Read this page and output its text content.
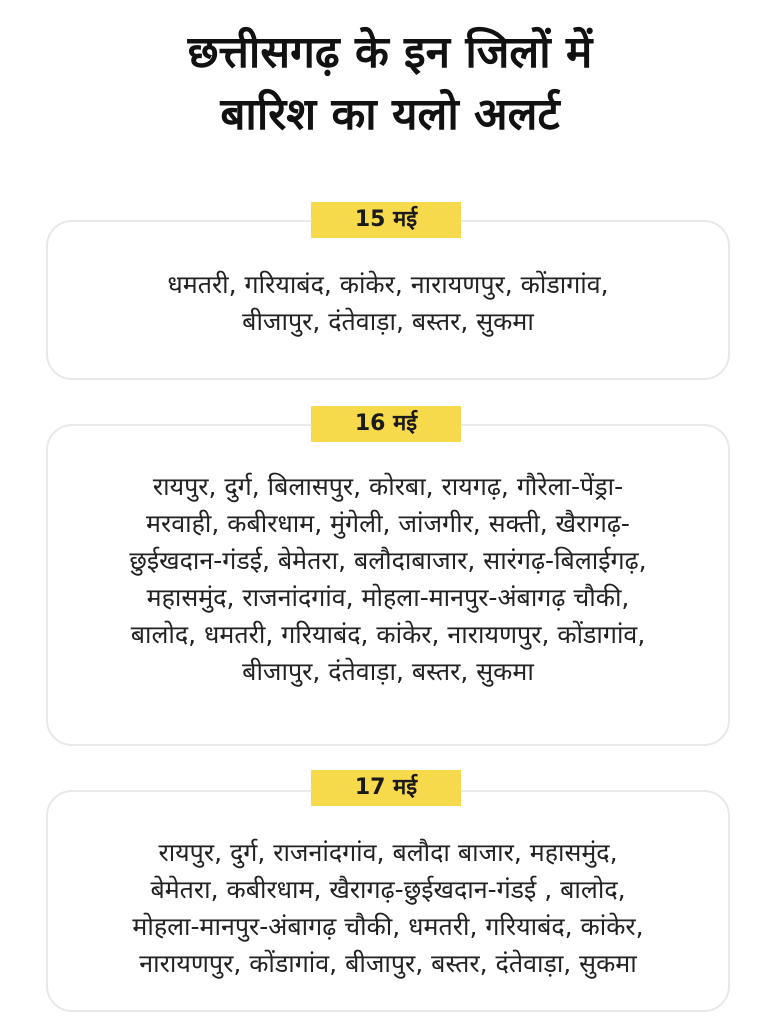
छत्तीसगढ़ के इन जिलों में
बारिश का यलो अलर्ट
धमतरी, गरियाबंद, कांकेर, नारायणपुर, कोंडागांव,
बीजापुर, दंतेवाड़ा, बस्तर, सुकमा
15 मई
रायपुर, दुर्ग, बिलासपुर, कोरबा, रायगढ़, गौरेला-पेंड्रा-
मरवाही, कबीरधाम, मुंगेली, जांजगीर, सक्ती, खैरागढ़-
छुईखदान-गंडई, बेमेतरा, बलौदाबाजार, सारंगढ़-बिलाईगढ़,
महासमुंद, राजनांदगांव, मोहला-मानपुर-अंबागढ़ चौकी,
बालोद, धमतरी, गरियाबंद, कांकेर, नारायणपुर, कोंडागांव,
बीजापुर, दंतेवाड़ा, बस्तर, सुकमा
16 मई
रायपुर, दुर्ग, राजनांदगांव, बलौदा बाजार, महासमुंद,
बेमेतरा, कबीरधाम, खैरागढ़-छुईखदान-गंडई , बालोद,
मोहला-मानपुर-अंबागढ़ चौकी, धमतरी, गरियाबंद, कांकेर,
नारायणपुर, कोंडागांव, बीजापुर, बस्तर, दंतेवाड़ा, सुकमा
17 मई
